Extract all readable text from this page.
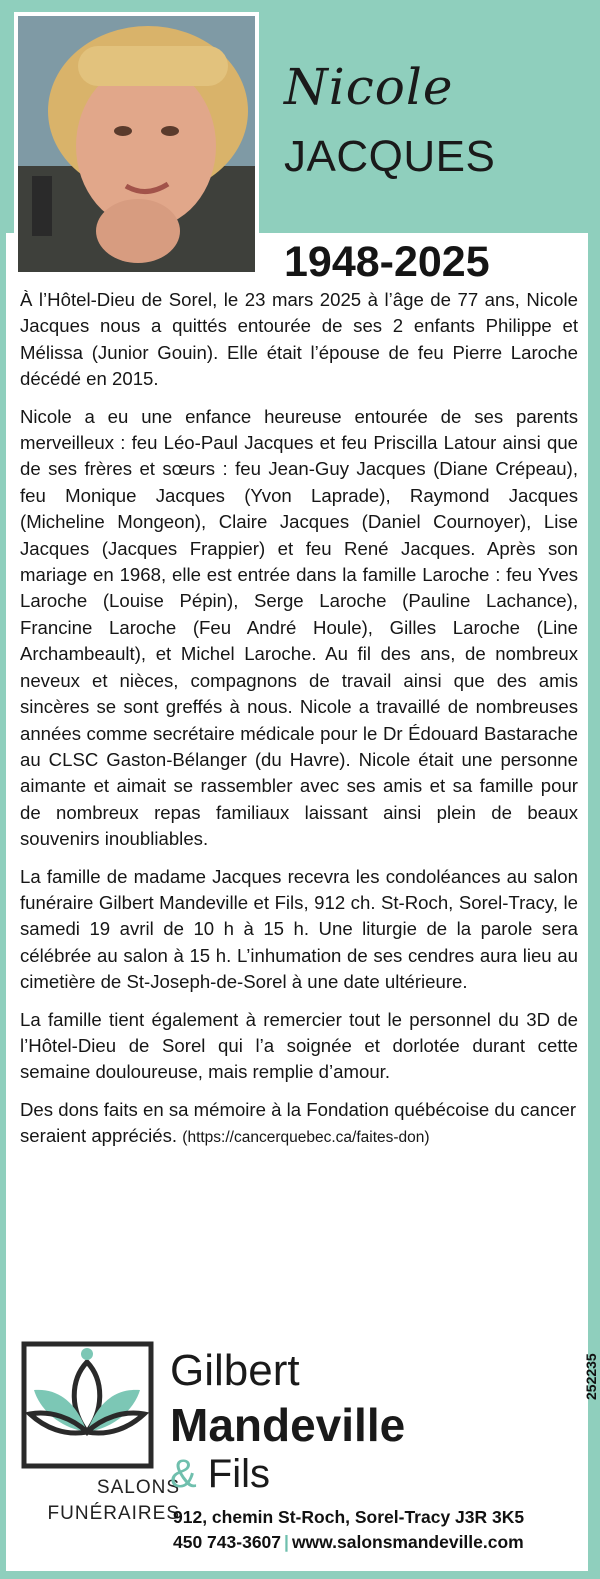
Nicole
JACQUES
1948-2025

À l’Hôtel-Dieu de Sorel, le 23 mars 2025 à l’âge de 77 ans, Nicole Jacques nous a quittés entourée de ses 2 enfants Philippe et Mélissa (Junior Gouin). Elle était l’épouse de feu Pierre Laroche décédé en 2015.

Nicole a eu une enfance heureuse entourée de ses parents merveilleux : feu Léo-Paul Jacques et feu Priscilla Latour ainsi que de ses frères et sœurs : feu Jean-Guy Jacques (Diane Crépeau), feu Monique Jacques (Yvon Laprade), Raymond Jacques (Micheline Mongeon), Claire Jacques (Daniel Cournoyer), Lise Jacques (Jacques Frappier) et feu René Jacques. Après son mariage en 1968, elle est entrée dans la famille Laroche : feu Yves Laroche (Louise Pépin), Serge Laroche (Pauline Lachance), Francine Laroche (Feu André Houle), Gilles Laroche (Line Archambeault), et Michel Laroche. Au fil des ans, de nombreux neveux et nièces, compagnons de travail ainsi que des amis sincères se sont greffés à nous. Nicole a travaillé de nombreuses années comme secrétaire médicale pour le Dr Édouard Bastarache au CLSC Gaston-Bélanger (du Havre). Nicole était une personne aimante et aimait se rassembler avec ses amis et sa famille pour de nombreux repas familiaux laissant ainsi plein de beaux souvenirs inoubliables.

La famille de madame Jacques recevra les condoléances au salon funéraire Gilbert Mandeville et Fils, 912 ch. St-Roch, Sorel-Tracy, le samedi 19 avril de 10 h à 15 h. Une liturgie de la parole sera célébrée au salon à 15 h. L’inhumation de ses cendres aura lieu au cimetière de St-Joseph-de-Sorel à une date ultérieure.

La famille tient également à remercier tout le personnel du 3D de l’Hôtel-Dieu de Sorel qui l’a soignée et dorlotée durant cette semaine douloureuse, mais remplie d’amour.

Des dons faits en sa mémoire à la Fondation québécoise du cancer seraient appréciés. (https://cancerquebec.ca/faites-don)

SALONS
FUNÉRAIRES
Gilbert
Mandeville
& Fils
912, chemin St-Roch, Sorel-Tracy J3R 3K5
450 743-3607 | www.salonsmandeville.com
252235
